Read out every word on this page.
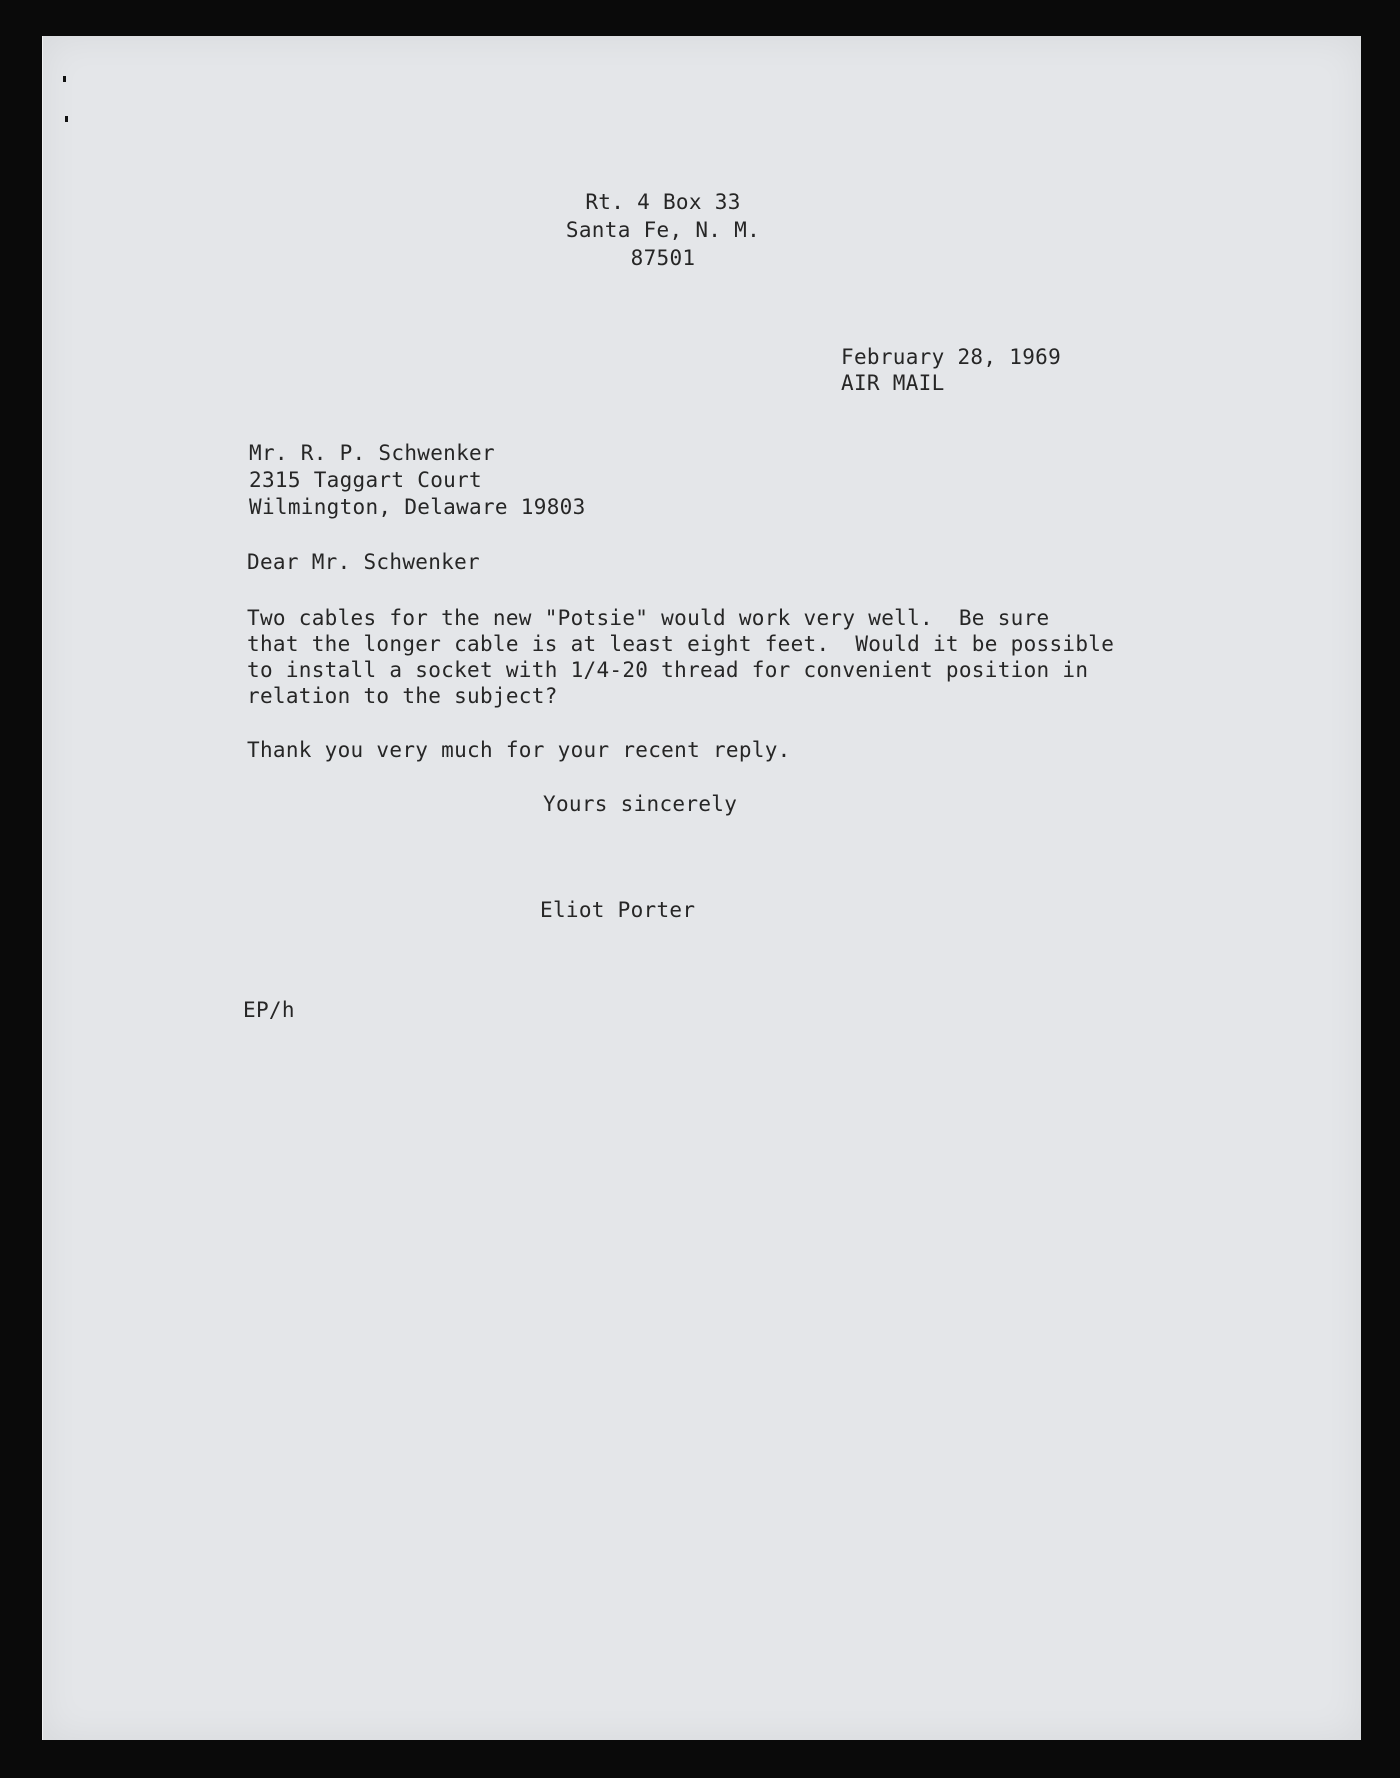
Rt. 4 Box 33
Santa Fe, N. M.
87501
February 28, 1969
AIR MAIL
Mr. R. P. Schwenker
2315 Taggart Court
Wilmington, Delaware 19803
Dear Mr. Schwenker
Two cables for the new "Potsie" would work very well.  Be sure
that the longer cable is at least eight feet.  Would it be possible
to install a socket with 1/4-20 thread for convenient position in
relation to the subject?
Thank you very much for your recent reply.
Yours sincerely
Eliot Porter
EP/h
